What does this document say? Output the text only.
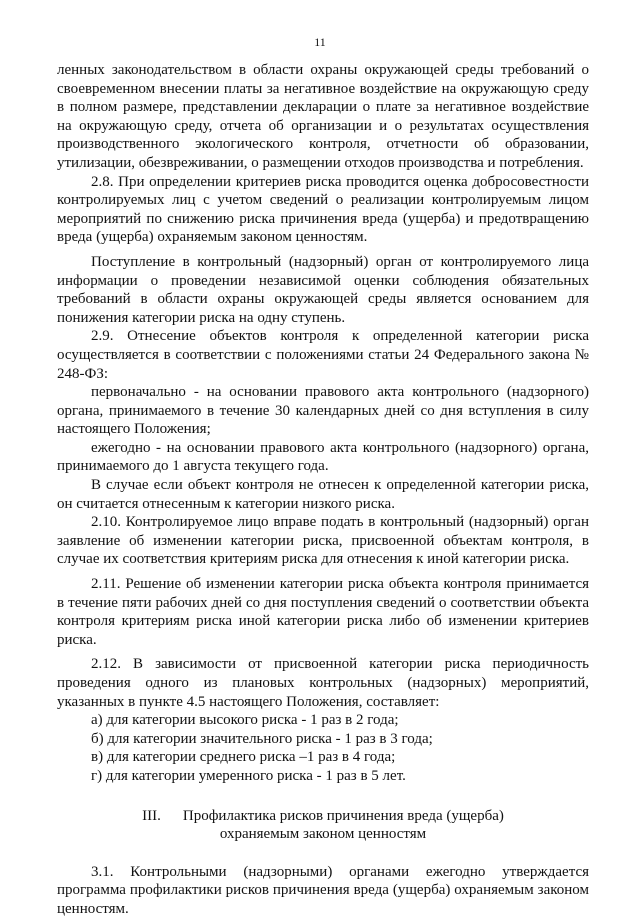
11

ленных законодательством в области охраны окружающей среды требований о своевременном внесении платы за негативное воздействие на окружающую среду в полном размере, представлении декларации о плате за негативное воздействие на окружающую среду, отчета об организации и о результатах осуществления производственного экологического контроля, отчетности об образовании, утилизации, обезвреживании, о размещении отходов производства и потребления.

2.8. При определении критериев риска проводится оценка добросовестности контролируемых лиц с учетом сведений о реализации контролируемым лицом мероприятий по снижению риска причинения вреда (ущерба) и предотвращению вреда (ущерба) охраняемым законом ценностям.

Поступление в контрольный (надзорный) орган от контролируемого лица информации о проведении независимой оценки соблюдения обязательных требований в области охраны окружающей среды является основанием для понижения категории риска на одну ступень.

2.9. Отнесение объектов контроля к определенной категории риска осуществляется в соответствии с положениями статьи 24 Федерального закона № 248-ФЗ:

первоначально - на основании правового акта контрольного (надзорного) органа, принимаемого в течение 30 календарных дней со дня вступления в силу настоящего Положения;

ежегодно - на основании правового акта контрольного (надзорного) органа, принимаемого до 1 августа текущего года.

В случае если объект контроля не отнесен к определенной категории риска, он считается отнесенным к категории низкого риска.

2.10. Контролируемое лицо вправе подать в контрольный (надзорный) орган заявление об изменении категории риска, присвоенной объектам контроля, в случае их соответствия критериям риска для отнесения к иной категории риска.

2.11. Решение об изменении категории риска объекта контроля принимается в течение пяти рабочих дней со дня поступления сведений о соответствии объекта контроля критериям риска иной категории риска либо об изменении критериев риска.

2.12. В зависимости от присвоенной категории риска периодичность проведения одного из плановых контрольных (надзорных) мероприятий, указанных в пункте 4.5 настоящего Положения, составляет:

а) для категории высокого риска - 1 раз в 2 года;

б) для категории значительного риска - 1 раз в 3 года;

в) для категории среднего риска –1 раз в 4 года;

г) для категории умеренного риска - 1 раз в 5 лет.

III. Профилактика рисков причинения вреда (ущерба)
охраняемым законом ценностям

3.1. Контрольными (надзорными) органами ежегодно утверждается программа профилактики рисков причинения вреда (ущерба) охраняемым законом ценностям.
